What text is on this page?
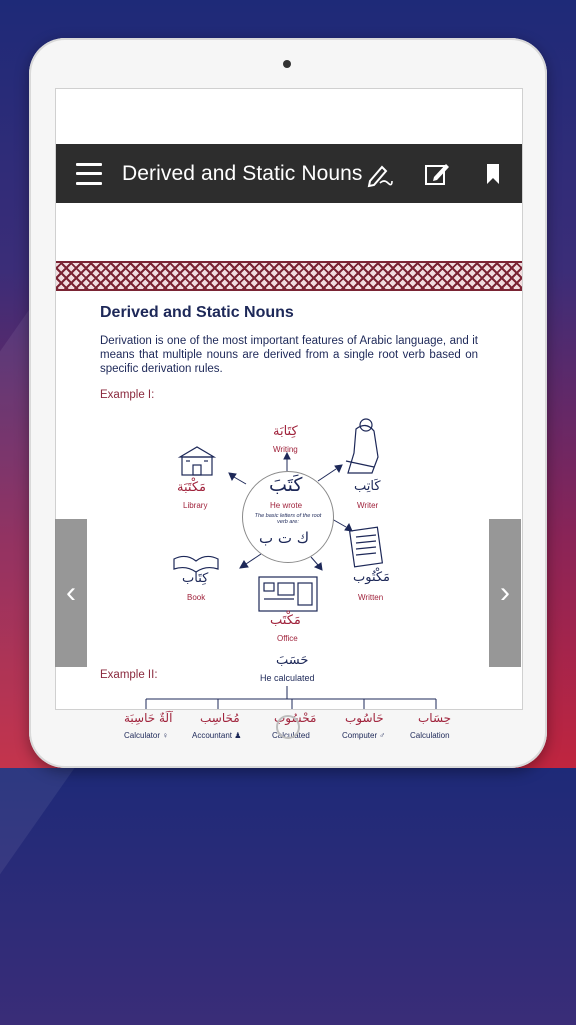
Derived and Static Nouns
Derived and Static Nouns
Derivation is one of the most important features of Arabic language, and it means that multiple nouns are derived from a single root verb based on specific derivation rules.
Example I:
كَتَبَ
He wrote
The basic letters of the root verb are:
ك ت ب
كِتَابَة
Writing
كَاتِب
Writer
مَكْتُوب
Written
مَكْتَب
Office
كِتَاب
Book
مَكْتَبَة
Library
Example II:
حَسَبَ
He calculated
آلَةٌ حَاسِبَة
Calculator ♀
مُحَاسِب
Accountant ♟
مَحْسُوب
Calculated
حَاسُوب
Computer ♂
حِسَاب
Calculation
‹	›
